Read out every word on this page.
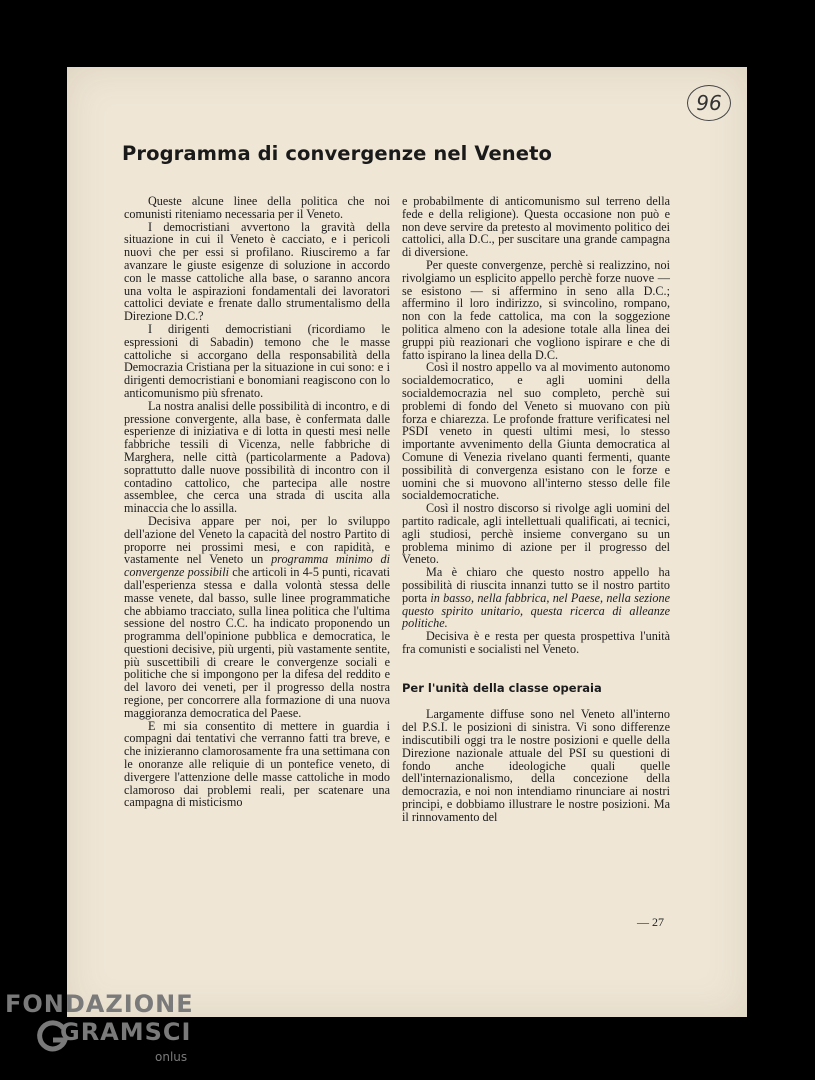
96
Programma di convergenze nel Veneto

Queste alcune linee della politica che noi comunisti riteniamo necessaria per il Veneto.

I democristiani avvertono la gravità della situazione in cui il Veneto è cacciato, e i pericoli nuovi che per essi si profilano. Riusciremo a far avanzare le giuste esigenze di soluzione in accordo con le masse cattoliche alla base, o saranno ancora una volta le aspirazioni fondamentali dei lavoratori cattolici deviate e frenate dallo strumentalismo della Direzione D.C.?

I dirigenti democristiani (ricordiamo le espressioni di Sabadin) temono che le masse cattoliche si accorgano della responsabilità della Democrazia Cristiana per la situazione in cui sono: e i dirigenti democristiani e bonomiani reagiscono con lo anticomunismo più sfrenato.

La nostra analisi delle possibilità di incontro, e di pressione convergente, alla base, è confermata dalle esperienze di iniziativa e di lotta in questi mesi nelle fabbriche tessili di Vicenza, nelle fabbriche di Marghera, nelle città (particolarmente a Padova) soprattutto dalle nuove possibilità di incontro con il contadino cattolico, che partecipa alle nostre assemblee, che cerca una strada di uscita alla minaccia che lo assilla.

Decisiva appare per noi, per lo sviluppo dell'azione del Veneto la capacità del nostro Partito di proporre nei prossimi mesi, e con rapidità, e vastamente nel Veneto un programma minimo di convergenze possibili che articoli in 4-5 punti, ricavati dall'esperienza stessa e dalla volontà stessa delle masse venete, dal basso, sulle linee programmatiche che abbiamo tracciato, sulla linea politica che l'ultima sessione del nostro C.C. ha indicato proponendo un programma dell'opinione pubblica e democratica, le questioni decisive, più urgenti, più vastamente sentite, più suscettibili di creare le convergenze sociali e politiche che si impongono per la difesa del reddito e del lavoro dei veneti, per il progresso della nostra regione, per concorrere alla formazione di una nuova maggioranza democratica del Paese.

E mi sia consentito di mettere in guardia i compagni dai tentativi che verranno fatti tra breve, e che inizieranno clamorosamente fra una settimana con le onoranze alle reliquie di un pontefice veneto, di divergere l'attenzione delle masse cattoliche in modo clamoroso dai problemi reali, per scatenare una campagna di misticismo

e probabilmente di anticomunismo sul terreno della fede e della religione). Questa occasione non può e non deve servire da pretesto al movimento politico dei cattolici, alla D.C., per suscitare una grande campagna di diversione.

Per queste convergenze, perchè si realizzino, noi rivolgiamo un esplicito appello perchè forze nuove — se esistono — si affermino in seno alla D.C.; affermino il loro indirizzo, si svincolino, rompano, non con la fede cattolica, ma con la soggezione politica almeno con la adesione totale alla linea dei gruppi più reazionari che vogliono ispirare e che di fatto ispirano la linea della D.C.

Così il nostro appello va al movimento autonomo socialdemocratico, e agli uomini della socialdemocrazia nel suo completo, perchè sui problemi di fondo del Veneto si muovano con più forza e chiarezza. Le profonde fratture verificatesi nel PSDI veneto in questi ultimi mesi, lo stesso importante avvenimento della Giunta democratica al Comune di Venezia rivelano quanti fermenti, quante possibilità di convergenza esistano con le forze e uomini che si muovono all'interno stesso delle file socialdemocratiche.

Così il nostro discorso si rivolge agli uomini del partito radicale, agli intellettuali qualificati, ai tecnici, agli studiosi, perchè insieme convergano su un problema minimo di azione per il progresso del Veneto.

Ma è chiaro che questo nostro appello ha possibilità di riuscita innanzi tutto se il nostro partito porta in basso, nella fabbrica, nel Paese, nella sezione questo spirito unitario, questa ricerca di alleanze politiche.

Decisiva è e resta per questa prospettiva l'unità fra comunisti e socialisti nel Veneto.

Per l'unità della classe operaia

Largamente diffuse sono nel Veneto all'interno del P.S.I. le posizioni di sinistra. Vi sono differenze indiscutibili oggi tra le nostre posizioni e quelle della Direzione nazionale attuale del PSI su questioni di fondo anche ideologiche quali quelle dell'internazionalismo, della concezione della democrazia, e noi non intendiamo rinunciare ai nostri principi, e dobbiamo illustrare le nostre posizioni. Ma il rinnovamento del

— 27
FONDAZIONE
GRAMSCI
onlus
